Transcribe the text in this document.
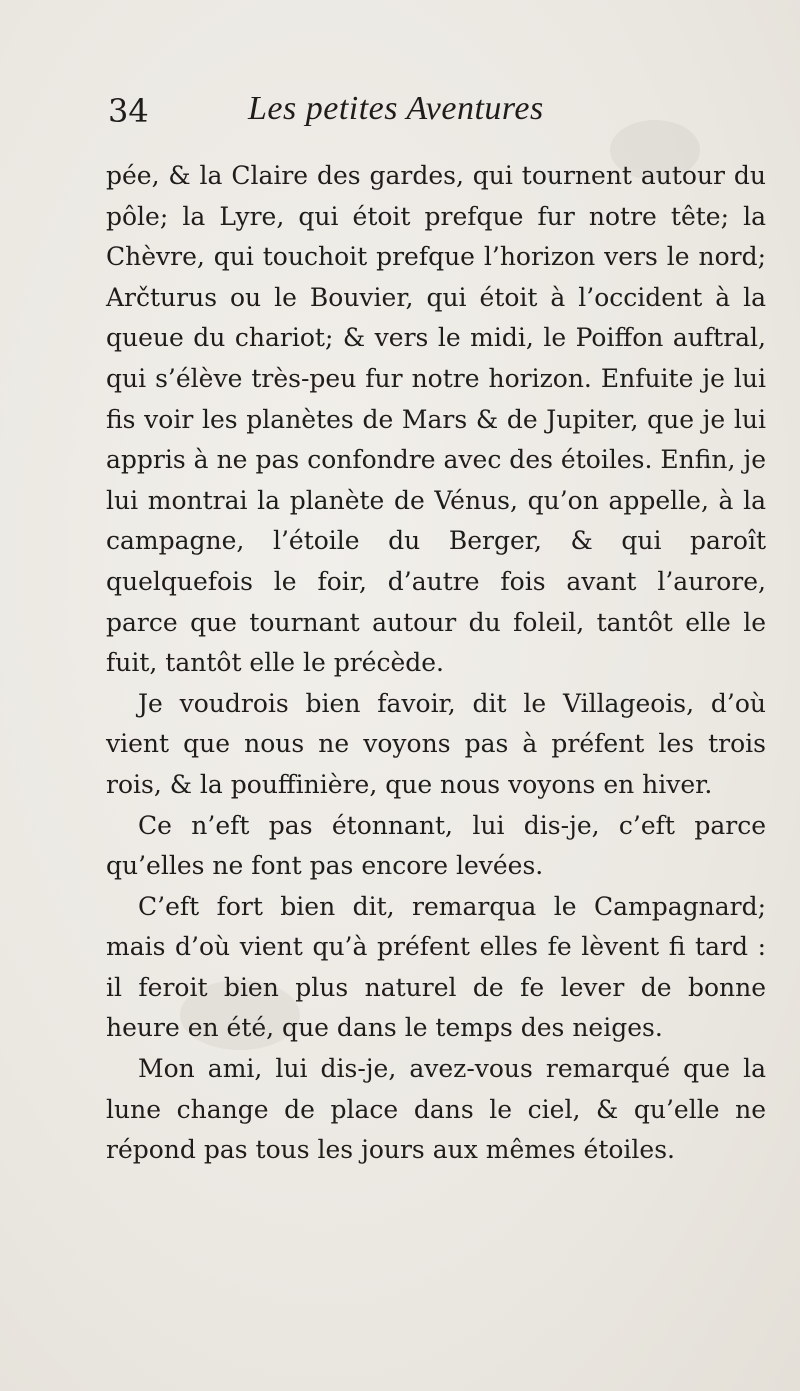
34	Les petites Aventures

pée, & la Claire des gardes, qui tournent autour du pôle; la Lyre, qui étoit prefque fur notre tête; la Chèvre, qui touchoit prefque l’horizon vers le nord; Arčturus ou le Bouvier, qui étoit à l’occident à la queue du chariot; & vers le midi, le Poiffon auftral, qui s’élève très-peu fur notre horizon. Enfuite je lui fis voir les planètes de Mars & de Jupiter, que je lui appris à ne pas confondre avec des étoiles. Enfin, je lui montrai la planète de Vénus, qu’on appelle, à la campagne, l’étoile du Berger, & qui paroît quelquefois le foir, d’autre fois avant l’aurore, parce que tournant autour du foleil, tantôt elle le fuit, tantôt elle le précède.

Je voudrois bien favoir, dit le Villageois, d’où vient que nous ne voyons pas à préfent les trois rois, & la pouffinière, que nous voyons en hiver.

Ce n’eft pas étonnant, lui dis-je, c’eft parce qu’elles ne font pas encore levées.

C’eft fort bien dit, remarqua le Campagnard; mais d’où vient qu’à préfent elles fe lèvent fi tard : il feroit bien plus naturel de fe lever de bonne heure en été, que dans le temps des neiges.

Mon ami, lui dis-je, avez-vous remarqué que la lune change de place dans le ciel, & qu’elle ne répond pas tous les jours aux mêmes étoiles.
